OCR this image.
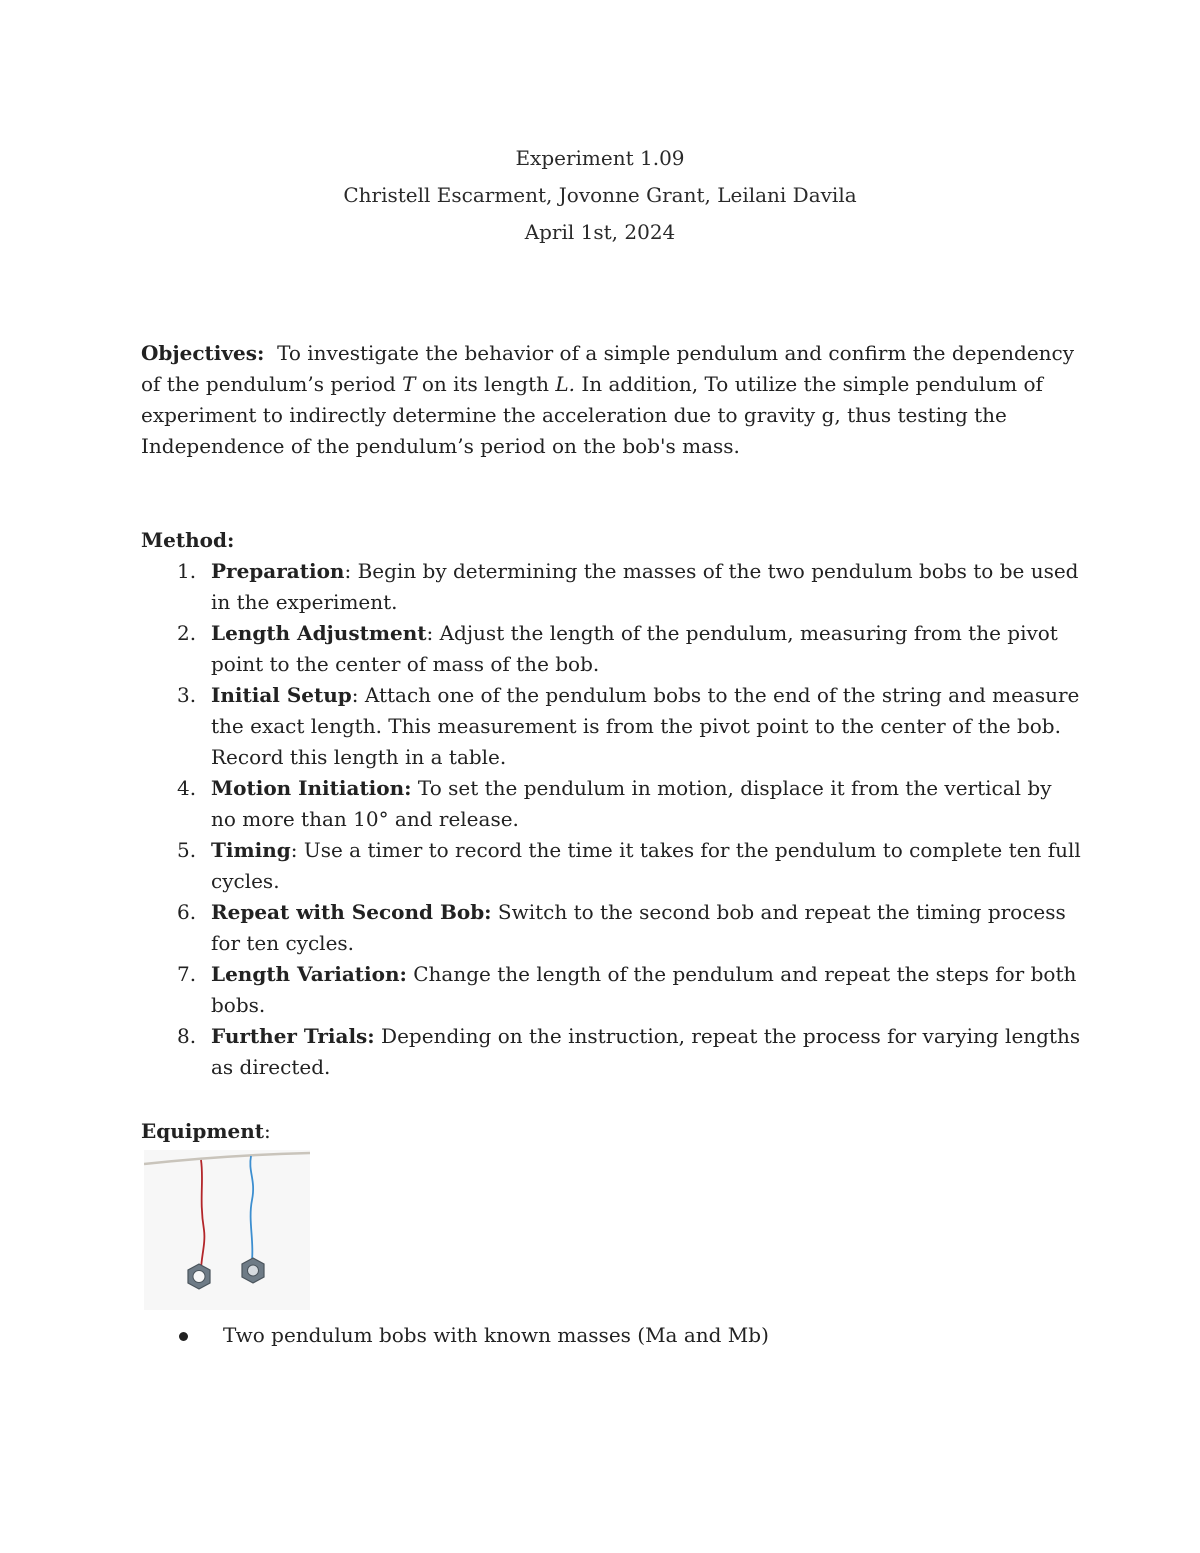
Experiment 1.09
Christell Escarment, Jovonne Grant, Leilani Davila
April 1st, 2024
Objectives:  To investigate the behavior of a simple pendulum and confirm the dependency of the pendulum’s period T on its length L. In addition, To utilize the simple pendulum of experiment to indirectly determine the acceleration due to gravity g, thus testing the Independence of the pendulum’s period on the bob's mass.
Method:
1. Preparation: Begin by determining the masses of the two pendulum bobs to be used in the experiment.
2. Length Adjustment: Adjust the length of the pendulum, measuring from the pivot point to the center of mass of the bob.
3. Initial Setup: Attach one of the pendulum bobs to the end of the string and measure the exact length. This measurement is from the pivot point to the center of the bob. Record this length in a table.
4. Motion Initiation: To set the pendulum in motion, displace it from the vertical by no more than 10° and release.
5. Timing: Use a timer to record the time it takes for the pendulum to complete ten full cycles.
6. Repeat with Second Bob: Switch to the second bob and repeat the timing process for ten cycles.
7. Length Variation: Change the length of the pendulum and repeat the steps for both bobs.
8. Further Trials: Depending on the instruction, repeat the process for varying lengths as directed.
Equipment:
Two pendulum bobs with known masses (Ma and Mb)
